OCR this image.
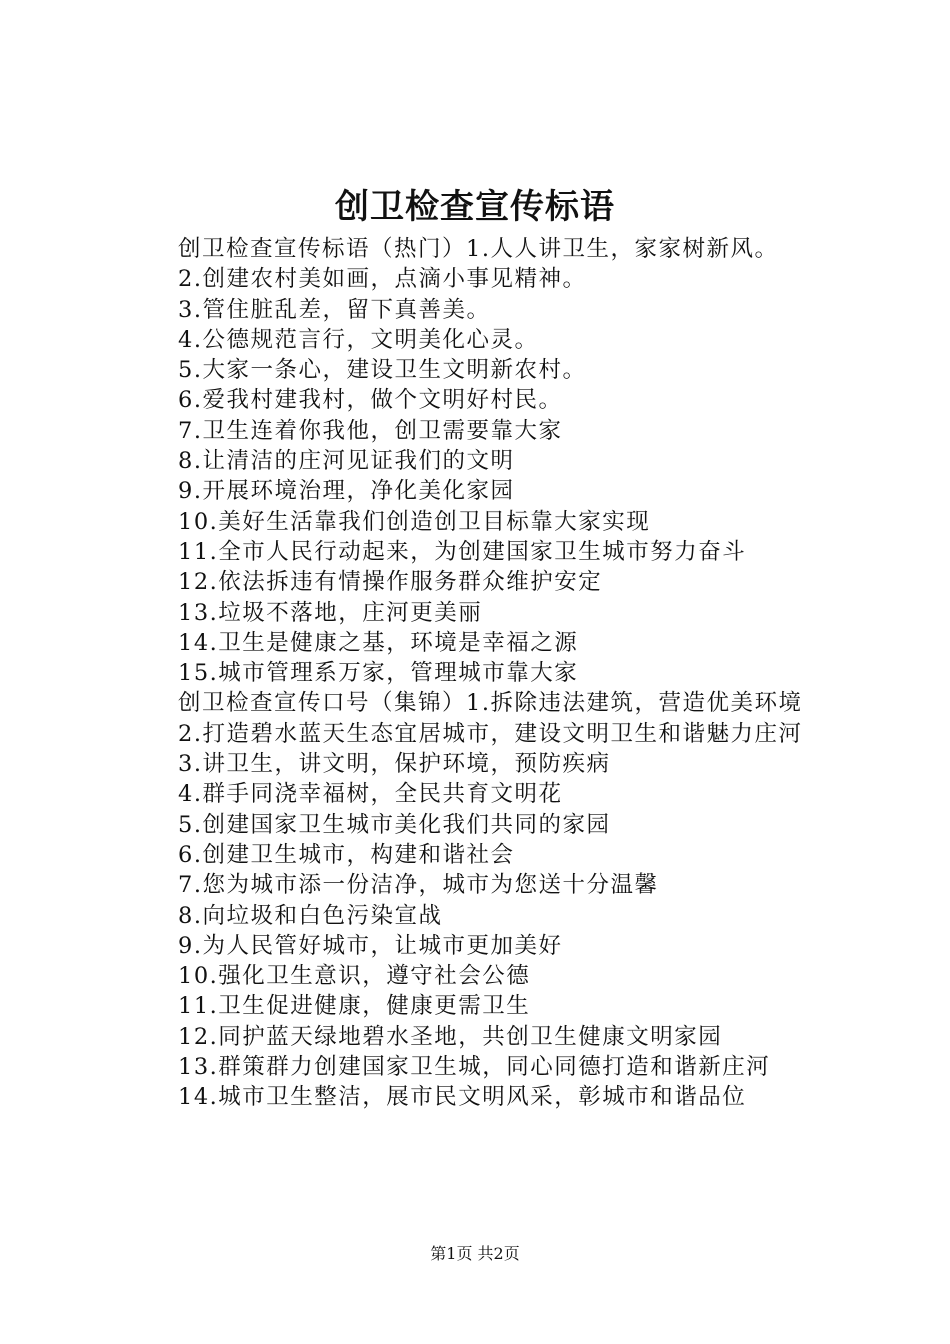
创卫检查宣传标语
创卫检查宣传标语（热门）1.人人讲卫生，家家树新风。
2.创建农村美如画，点滴小事见精神。
3.管住脏乱差，留下真善美。
4.公德规范言行，文明美化心灵。
5.大家一条心，建设卫生文明新农村。
6.爱我村建我村，做个文明好村民。
7.卫生连着你我他，创卫需要靠大家
8.让清洁的庄河见证我们的文明
9.开展环境治理，净化美化家园
10.美好生活靠我们创造创卫目标靠大家实现
11.全市人民行动起来，为创建国家卫生城市努力奋斗
12.依法拆违有情操作服务群众维护安定
13.垃圾不落地，庄河更美丽
14.卫生是健康之基，环境是幸福之源
15.城市管理系万家，管理城市靠大家
创卫检查宣传口号（集锦）1.拆除违法建筑，营造优美环境
2.打造碧水蓝天生态宜居城市，建设文明卫生和谐魅力庄河
3.讲卫生，讲文明，保护环境，预防疾病
4.群手同浇幸福树，全民共育文明花
5.创建国家卫生城市美化我们共同的家园
6.创建卫生城市，构建和谐社会
7.您为城市添一份洁净，城市为您送十分温馨
8.向垃圾和白色污染宣战
9.为人民管好城市，让城市更加美好
10.强化卫生意识，遵守社会公德
11.卫生促进健康，健康更需卫生
12.同护蓝天绿地碧水圣地，共创卫生健康文明家园
13.群策群力创建国家卫生城，同心同德打造和谐新庄河
14.城市卫生整洁，展市民文明风采，彰城市和谐品位
第1页 共2页
